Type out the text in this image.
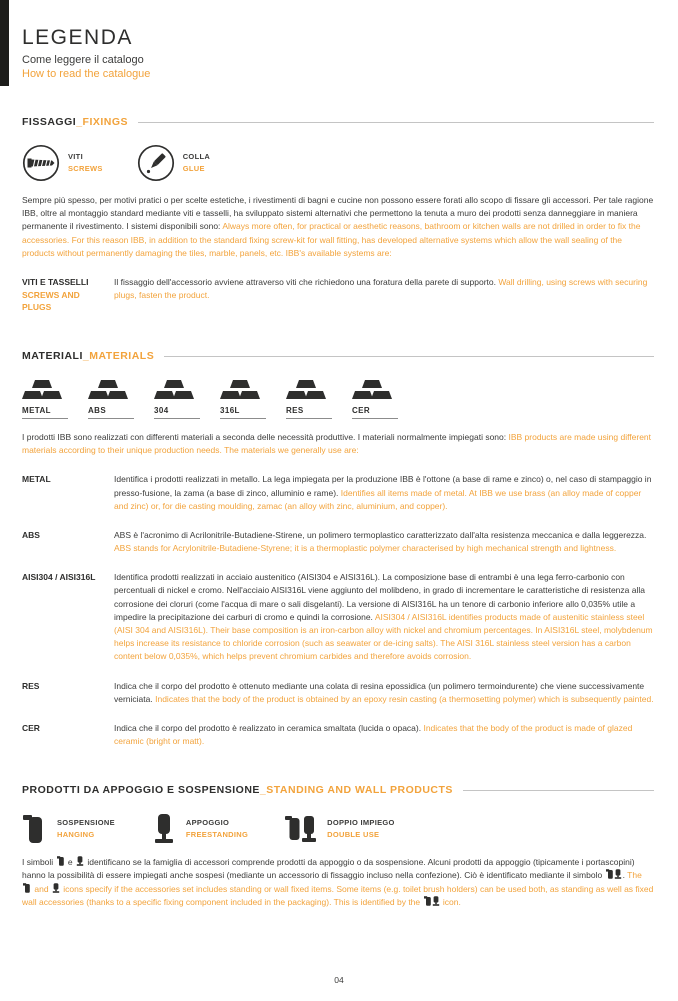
LEGENDA
Come leggere il catalogo
How to read the catalogue
FISSAGGI _FIXINGS
VITI
SCREWS
COLLA
GLUE

Sempre più spesso, per motivi pratici o per scelte estetiche, i rivestimenti di bagni e cucine non possono essere forati allo scopo di fissare gli accessori. Per tale ragione IBB, oltre al montaggio standard mediante viti e tasselli, ha sviluppato sistemi alternativi che permettono la tenuta a muro dei prodotti senza danneggiare in maniera permanente il rivestimento. I sistemi disponibili sono: Always more often, for practical or aesthetic reasons, bathroom or kitchen walls are not drilled in order to fix the accessories. For this reason IBB, in addition to the standard fixing screw-kit for wall fitting, has developed alternative systems which allow the wall sealing of the products without permanently damaging the tiles, marble, panels, etc. IBB's available systems are:

VITI E TASSELLI
SCREWS AND PLUGS
Il fissaggio dell'accessorio avviene attraverso viti che richiedono una foratura della parete di supporto. Wall drilling, using screws with securing plugs, fasten the product.
MATERIALI _MATERIALS
METAL	ABS	304	316L	RES	CER

I prodotti IBB sono realizzati con differenti materiali a seconda delle necessità produttive. I materiali normalmente impiegati sono: IBB products are made using different materials according to their unique production needs. The materials we generally use are:

METAL	Identifica i prodotti realizzati in metallo. La lega impiegata per la produzione IBB è l'ottone (a base di rame e zinco) o, nel caso di stampaggio in presso-fusione, la zama (a base di zinco, alluminio e rame). Identifies all items made of metal. At IBB we use brass (an alloy made of copper and zinc) or, for die casting moulding, zamac (an alloy with zinc, aluminium, and copper).
ABS	ABS è l'acronimo di Acrilonitrile-Butadiene-Stirene, un polimero termoplastico caratterizzato dall'alta resistenza meccanica e dalla leggerezza. ABS stands for Acrylonitrile-Butadiene-Styrene; it is a thermoplastic polymer characterised by high mechanical strength and lightness.
AISI304 / AISI316L	Identifica prodotti realizzati in acciaio austenitico (AISI304 e AISI316L). La composizione base di entrambi è una lega ferro-carbonio con percentuali di nickel e cromo. Nell'acciaio AISI316L viene aggiunto del molibdeno, in grado di incrementare le caratteristiche di resistenza alla corrosione dei cloruri (come l'acqua di mare o sali disgelanti). La versione di AISI316L ha un tenore di carbonio inferiore allo 0,035% utile a impedire la precipitazione dei carburi di cromo e quindi la corrosione. AISI304 / AISI316L identifies products made of austenitic stainless steel (AISI 304 and AISI316L). Their base composition is an iron-carbon alloy with nickel and chromium percentages. In AISI316L steel, molybdenum helps increase its resistance to chloride corrosion (such as seawater or de-icing salts). The AISI 316L stainless steel version has a carbon content below 0,035%, which helps prevent chromium carbides and therefore avoids corrosion.
RES	Indica che il corpo del prodotto è ottenuto mediante una colata di resina epossidica (un polimero termoindurente) che viene successivamente verniciata. Indicates that the body of the product is obtained by an epoxy resin casting (a thermosetting polymer) which is subsequently painted.
CER	Indica che il corpo del prodotto è realizzato in ceramica smaltata (lucida o opaca). Indicates that the body of the product is made of glazed ceramic (bright or matt).
PRODOTTI DA APPOGGIO E SOSPENSIONE _STANDING AND WALL PRODUCTS
SOSPENSIONE
HANGING
APPOGGIO
FREESTANDING
DOPPIO IMPIEGO
DOUBLE USE

I simboli  e  identificano se la famiglia di accessori comprende prodotti da appoggio o da sospensione. Alcuni prodotti da appoggio (tipicamente i portascopini) hanno la possibilità di essere impiegati anche sospesi (mediante un accessorio di fissaggio incluso nella confezione). Ciò è identificato mediante il simbolo . The  and  icons specify if the accessories set includes standing or wall fixed items. Some items (e.g. toilet brush holders) can be used both, as standing as well as fixed wall accessories (thanks to a specific fixing component included in the packaging). This is identified by the  icon.

04
